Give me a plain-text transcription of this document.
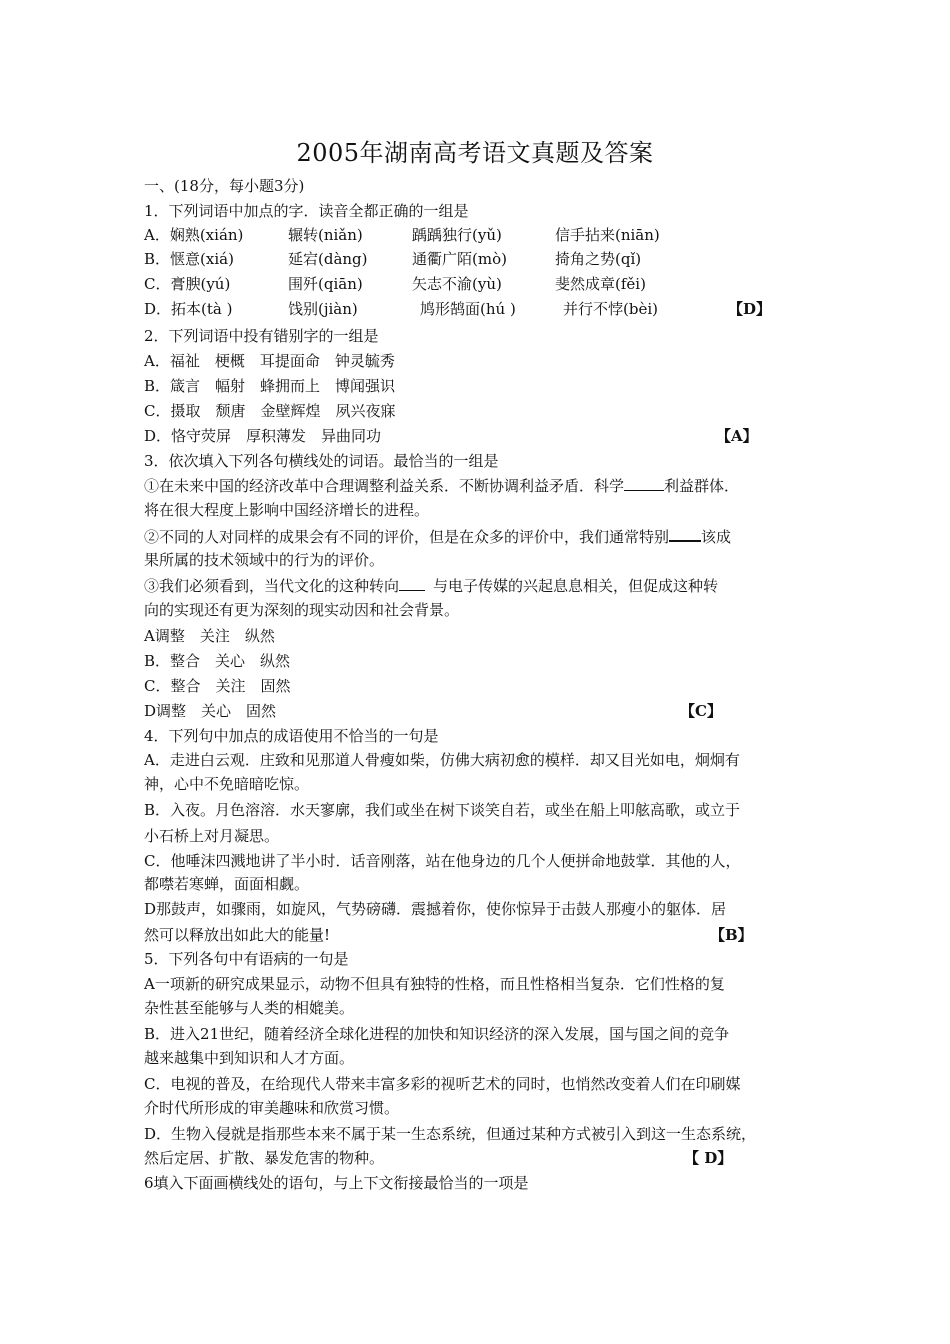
2005年湖南高考语文真题及答案
一、(18分，每小题3分)
1．下列词语中加点的字．读音全都正确的一组是
A．娴熟(xián)	辗转(niǎn)	踽踽独行(yǔ)	信手拈来(niān)
B．惬意(xiá)	延宕(dàng)	通衢广陌(mò)	掎角之势(qǐ)
C．膏腴(yú)	围歼(qiān)	矢志不渝(yù)	斐然成章(fěi)
D．拓本(tà )	饯别(jiàn)	鸠形鹄面(hú )	并行不悖(bèi)	【D】
2．下列词语中投有错别字的一组是
A．福祉　梗概　耳提面命　钟灵毓秀
B．箴言　幅射　蜂拥而上　博闻强识
C．摄取　颓唐　金壁辉煌　夙兴夜寐
D．恪守荧屏　厚积薄发　异曲同功	【A】
3．依次填入下列各句横线处的词语。最恰当的一组是
①在未来中国的经济改革中合理调整利益关系．不断协调利益矛盾．科学	利益群体．
将在很大程度上影响中国经济增长的进程。
②不同的人对同样的成果会有不同的评价，但是在众多的评价中，我们通常特别 该成
果所属的技术领域中的行为的评价。
③我们必须看到，当代文化的这种转向 与电子传媒的兴起息息相关，但促成这种转
向的实现还有更为深刻的现实动因和社会背景。
A调整　关注　纵然
B．整合　关心　纵然
C．整合　关注　固然
D调整　关心　固然	【C】
4．下列句中加点的成语使用不恰当的一句是
A．走进白云观．庄致和见那道人骨瘦如柴，仿佛大病初愈的模样．却又目光如电，炯炯有
神，心中不免暗暗吃惊。
B．入夜。月色溶溶．水天寥廓，我们或坐在树下谈笑自若，或坐在船上叩舷高歌，或立于
小石桥上对月凝思。
C．他唾沫四溅地讲了半小时．话音刚落，站在他身边的几个人便拼命地鼓掌．其他的人，
都噤若寒蝉，面面相觑。
D那鼓声，如骤雨，如旋风，气势磅礴．震撼着你，使你惊异于击鼓人那瘦小的躯体．居
然可以释放出如此大的能量!	【B】
5．下列各句中有语病的一句是
A一项新的研究成果显示，动物不但具有独特的性格，而且性格相当复杂．它们性格的复
杂性甚至能够与人类的相媲美。
B．进入21世纪，随着经济全球化进程的加快和知识经济的深入发展，国与国之间的竞争
越来越集中到知识和人才方面。
C．电视的普及，在给现代人带来丰富多彩的视听艺术的同时，也悄然改变着人们在印刷媒
介时代所形成的审美趣味和欣赏习惯。
D．生物入侵就是指那些本来不属于某一生态系统，但通过某种方式被引入到这一生态系统，
然后定居、扩散、暴发危害的物种。	【 D】
6填入下面画横线处的语句，与上下文衔接最恰当的一项是
